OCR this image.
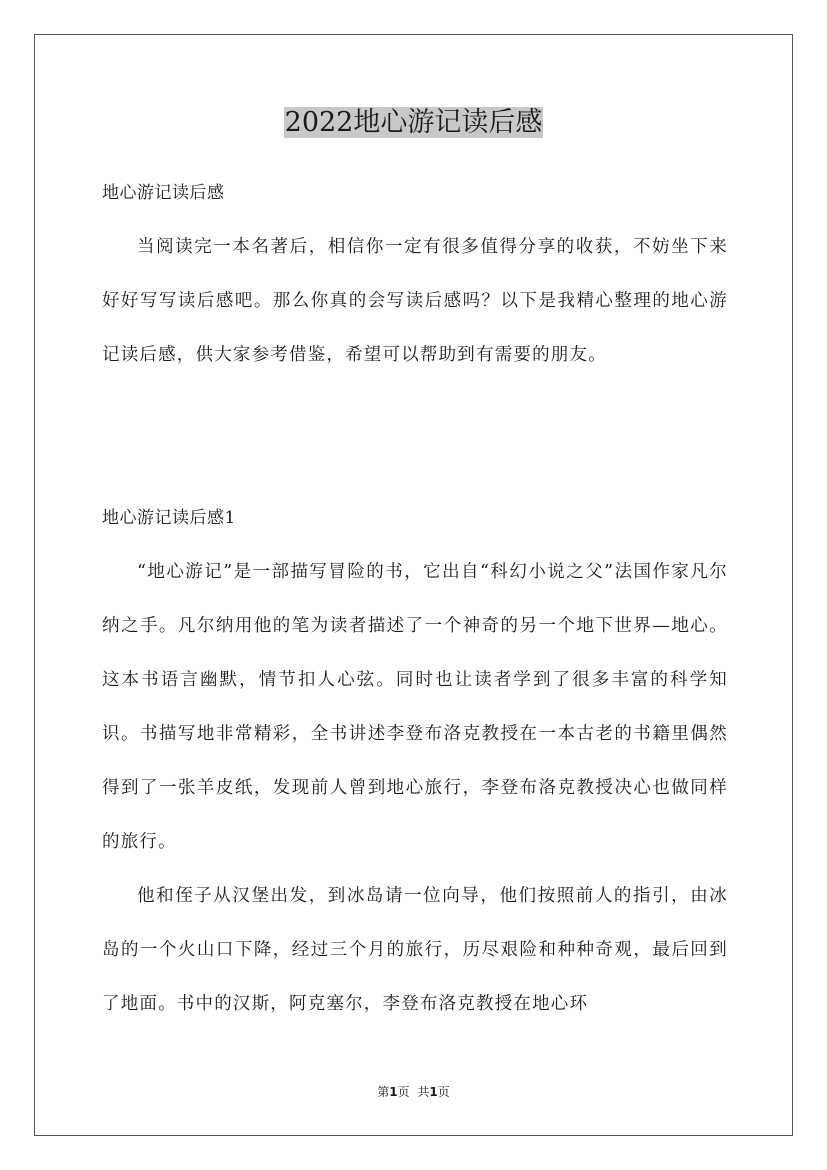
2022地心游记读后感

地心游记读后感

当阅读完一本名著后，相信你一定有很多值得分享的收获，不妨坐下来好好写写读后感吧。那么你真的会写读后感吗？以下是我精心整理的地心游记读后感，供大家参考借鉴，希望可以帮助到有需要的朋友。

地心游记读后感1

“地心游记”是一部描写冒险的书，它出自“科幻小说之父”法国作家凡尔纳之手。凡尔纳用他的笔为读者描述了一个神奇的另一个地下世界—地心。这本书语言幽默，情节扣人心弦。同时也让读者学到了很多丰富的科学知识。书描写地非常精彩，全书讲述李登布洛克教授在一本古老的书籍里偶然得到了一张羊皮纸，发现前人曾到地心旅行，李登布洛克教授决心也做同样的旅行。

他和侄子从汉堡出发，到冰岛请一位向导，他们按照前人的指引，由冰岛的一个火山口下降，经过三个月的旅行，历尽艰险和种种奇观，最后回到了地面。书中的汉斯，阿克塞尔，李登布洛克教授在地心环

第1页 共1页
